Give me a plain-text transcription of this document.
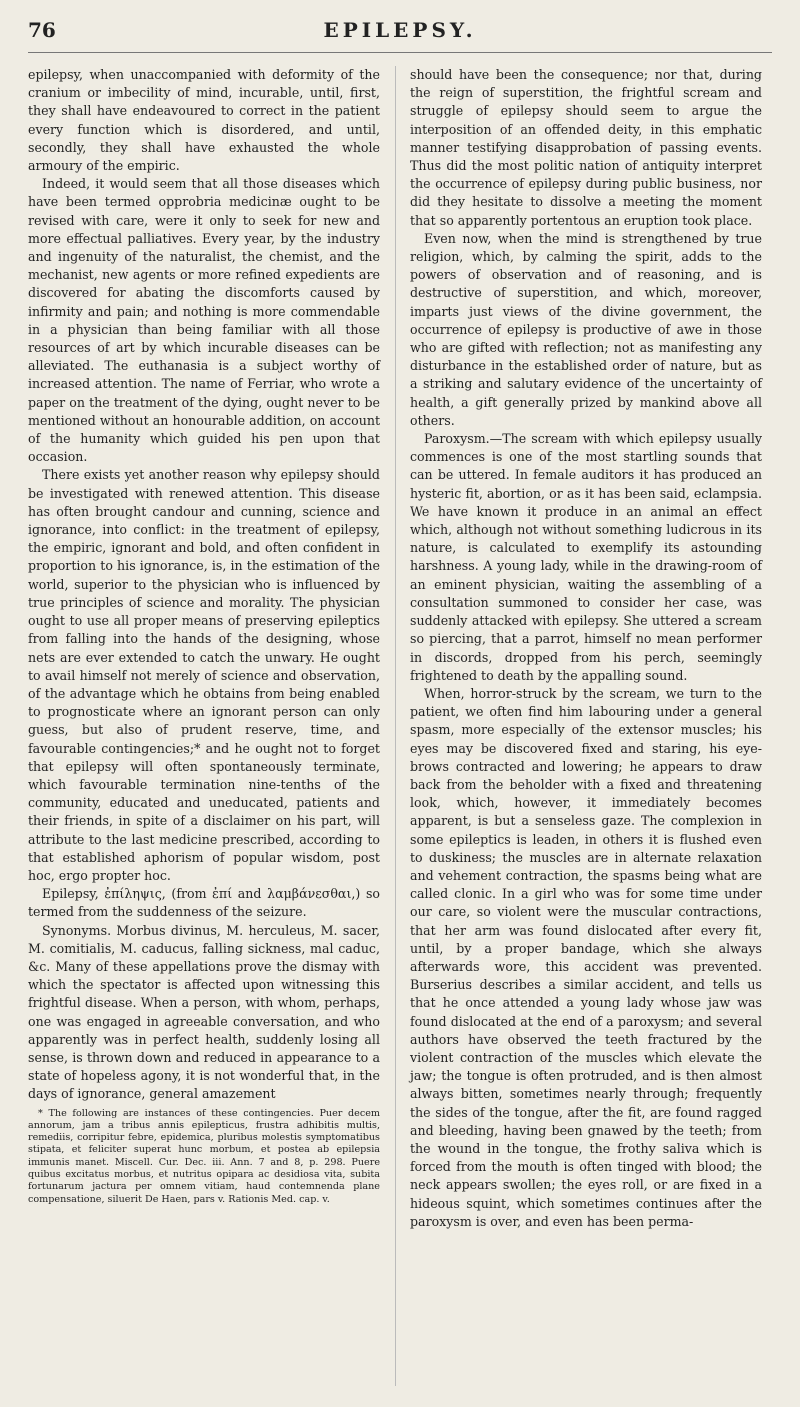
76	EPILEPSY.

epilepsy, when unaccompanied with deformity of the cranium or imbecility of mind, incurable, until, first, they shall have endeavoured to correct in the patient every function which is disordered, and until, secondly, they shall have exhausted the whole armoury of the empiric.

Indeed, it would seem that all those diseases which have been termed opprobria medicinæ ought to be revised with care, were it only to seek for new and more effectual palliatives. Every year, by the industry and ingenuity of the naturalist, the chemist, and the mechanist, new agents or more refined expedients are discovered for abating the discomforts caused by infirmity and pain; and nothing is more commendable in a physician than being familiar with all those resources of art by which incurable diseases can be alleviated. The euthanasia is a subject worthy of increased attention. The name of Ferriar, who wrote a paper on the treatment of the dying, ought never to be mentioned without an honourable addition, on account of the humanity which guided his pen upon that occasion.

There exists yet another reason why epilepsy should be investigated with renewed attention. This disease has often brought candour and cunning, science and ignorance, into conflict: in the treatment of epilepsy, the empiric, ignorant and bold, and often confident in proportion to his ignorance, is, in the estimation of the world, superior to the physician who is influenced by true principles of science and morality. The physician ought to use all proper means of preserving epileptics from falling into the hands of the designing, whose nets are ever extended to catch the unwary. He ought to avail himself not merely of science and observation, of the advantage which he obtains from being enabled to prognosticate where an ignorant person can only guess, but also of prudent reserve, time, and favourable contingencies;* and he ought not to forget that epilepsy will often spontaneously terminate, which favourable termination nine-tenths of the community, educated and uneducated, patients and their friends, in spite of a disclaimer on his part, will attribute to the last medicine prescribed, according to that established aphorism of popular wisdom, post hoc, ergo propter hoc.

Epilepsy, ἐπίληψις, (from ἐπί and λαμβάνεσθαι,) so termed from the suddenness of the seizure.

Synonyms. Morbus divinus, M. herculeus, M. sacer, M. comitialis, M. caducus, falling sickness, mal caduc, &c. Many of these appellations prove the dismay with which the spectator is affected upon witnessing this frightful disease. When a person, with whom, perhaps, one was engaged in agreeable conversation, and who apparently was in perfect health, suddenly losing all sense, is thrown down and reduced in appearance to a state of hopeless agony, it is not wonderful that, in the days of ignorance, general amazement

* The following are instances of these contingencies. Puer decem annorum, jam a tribus annis epilepticus, frustra adhibitis multis, remediis, corripitur febre, epidemica, pluribus molestis symptomatibus stipata, et feliciter superat hunc morbum, et postea ab epilepsia immunis manet. Miscell. Cur. Dec. iii. Ann. 7 and 8, p. 298. Puere quibus excitatus morbus, et nutritus opipara ac desidiosa vita, subita fortunarum jactura per omnem vitiam, haud contemnenda plane compensatione, siluerit De Haen, pars v. Rationis Med. cap. v.

should have been the consequence; nor that, during the reign of superstition, the frightful scream and struggle of epilepsy should seem to argue the interposition of an offended deity, in this emphatic manner testifying disapprobation of passing events. Thus did the most politic nation of antiquity interpret the occurrence of epilepsy during public business, nor did they hesitate to dissolve a meeting the moment that so apparently portentous an eruption took place.

Even now, when the mind is strengthened by true religion, which, by calming the spirit, adds to the powers of observation and of reasoning, and is destructive of superstition, and which, moreover, imparts just views of the divine government, the occurrence of epilepsy is productive of awe in those who are gifted with reflection; not as manifesting any disturbance in the established order of nature, but as a striking and salutary evidence of the uncertainty of health, a gift generally prized by mankind above all others.

Paroxysm.—The scream with which epilepsy usually commences is one of the most startling sounds that can be uttered. In female auditors it has produced an hysteric fit, abortion, or as it has been said, eclampsia. We have known it produce in an animal an effect which, although not without something ludicrous in its nature, is calculated to exemplify its astounding harshness. A young lady, while in the drawing-room of an eminent physician, waiting the assembling of a consultation summoned to consider her case, was suddenly attacked with epilepsy. She uttered a scream so piercing, that a parrot, himself no mean performer in discords, dropped from his perch, seemingly frightened to death by the appalling sound.

When, horror-struck by the scream, we turn to the patient, we often find him labouring under a general spasm, more especially of the extensor muscles; his eyes may be discovered fixed and staring, his eye-brows contracted and lowering; he appears to draw back from the beholder with a fixed and threatening look, which, however, it immediately becomes apparent, is but a senseless gaze. The complexion in some epileptics is leaden, in others it is flushed even to duskiness; the muscles are in alternate relaxation and vehement contraction, the spasms being what are called clonic. In a girl who was for some time under our care, so violent were the muscular contractions, that her arm was found dislocated after every fit, until, by a proper bandage, which she always afterwards wore, this accident was prevented. Burserius describes a similar accident, and tells us that he once attended a young lady whose jaw was found dislocated at the end of a paroxysm; and several authors have observed the teeth fractured by the violent contraction of the muscles which elevate the jaw; the tongue is often protruded, and is then almost always bitten, sometimes nearly through; frequently the sides of the tongue, after the fit, are found ragged and bleeding, having been gnawed by the teeth; from the wound in the tongue, the frothy saliva which is forced from the mouth is often tinged with blood; the neck appears swollen; the eyes roll, or are fixed in a hideous squint, which sometimes continues after the paroxysm is over, and even has been perma-
